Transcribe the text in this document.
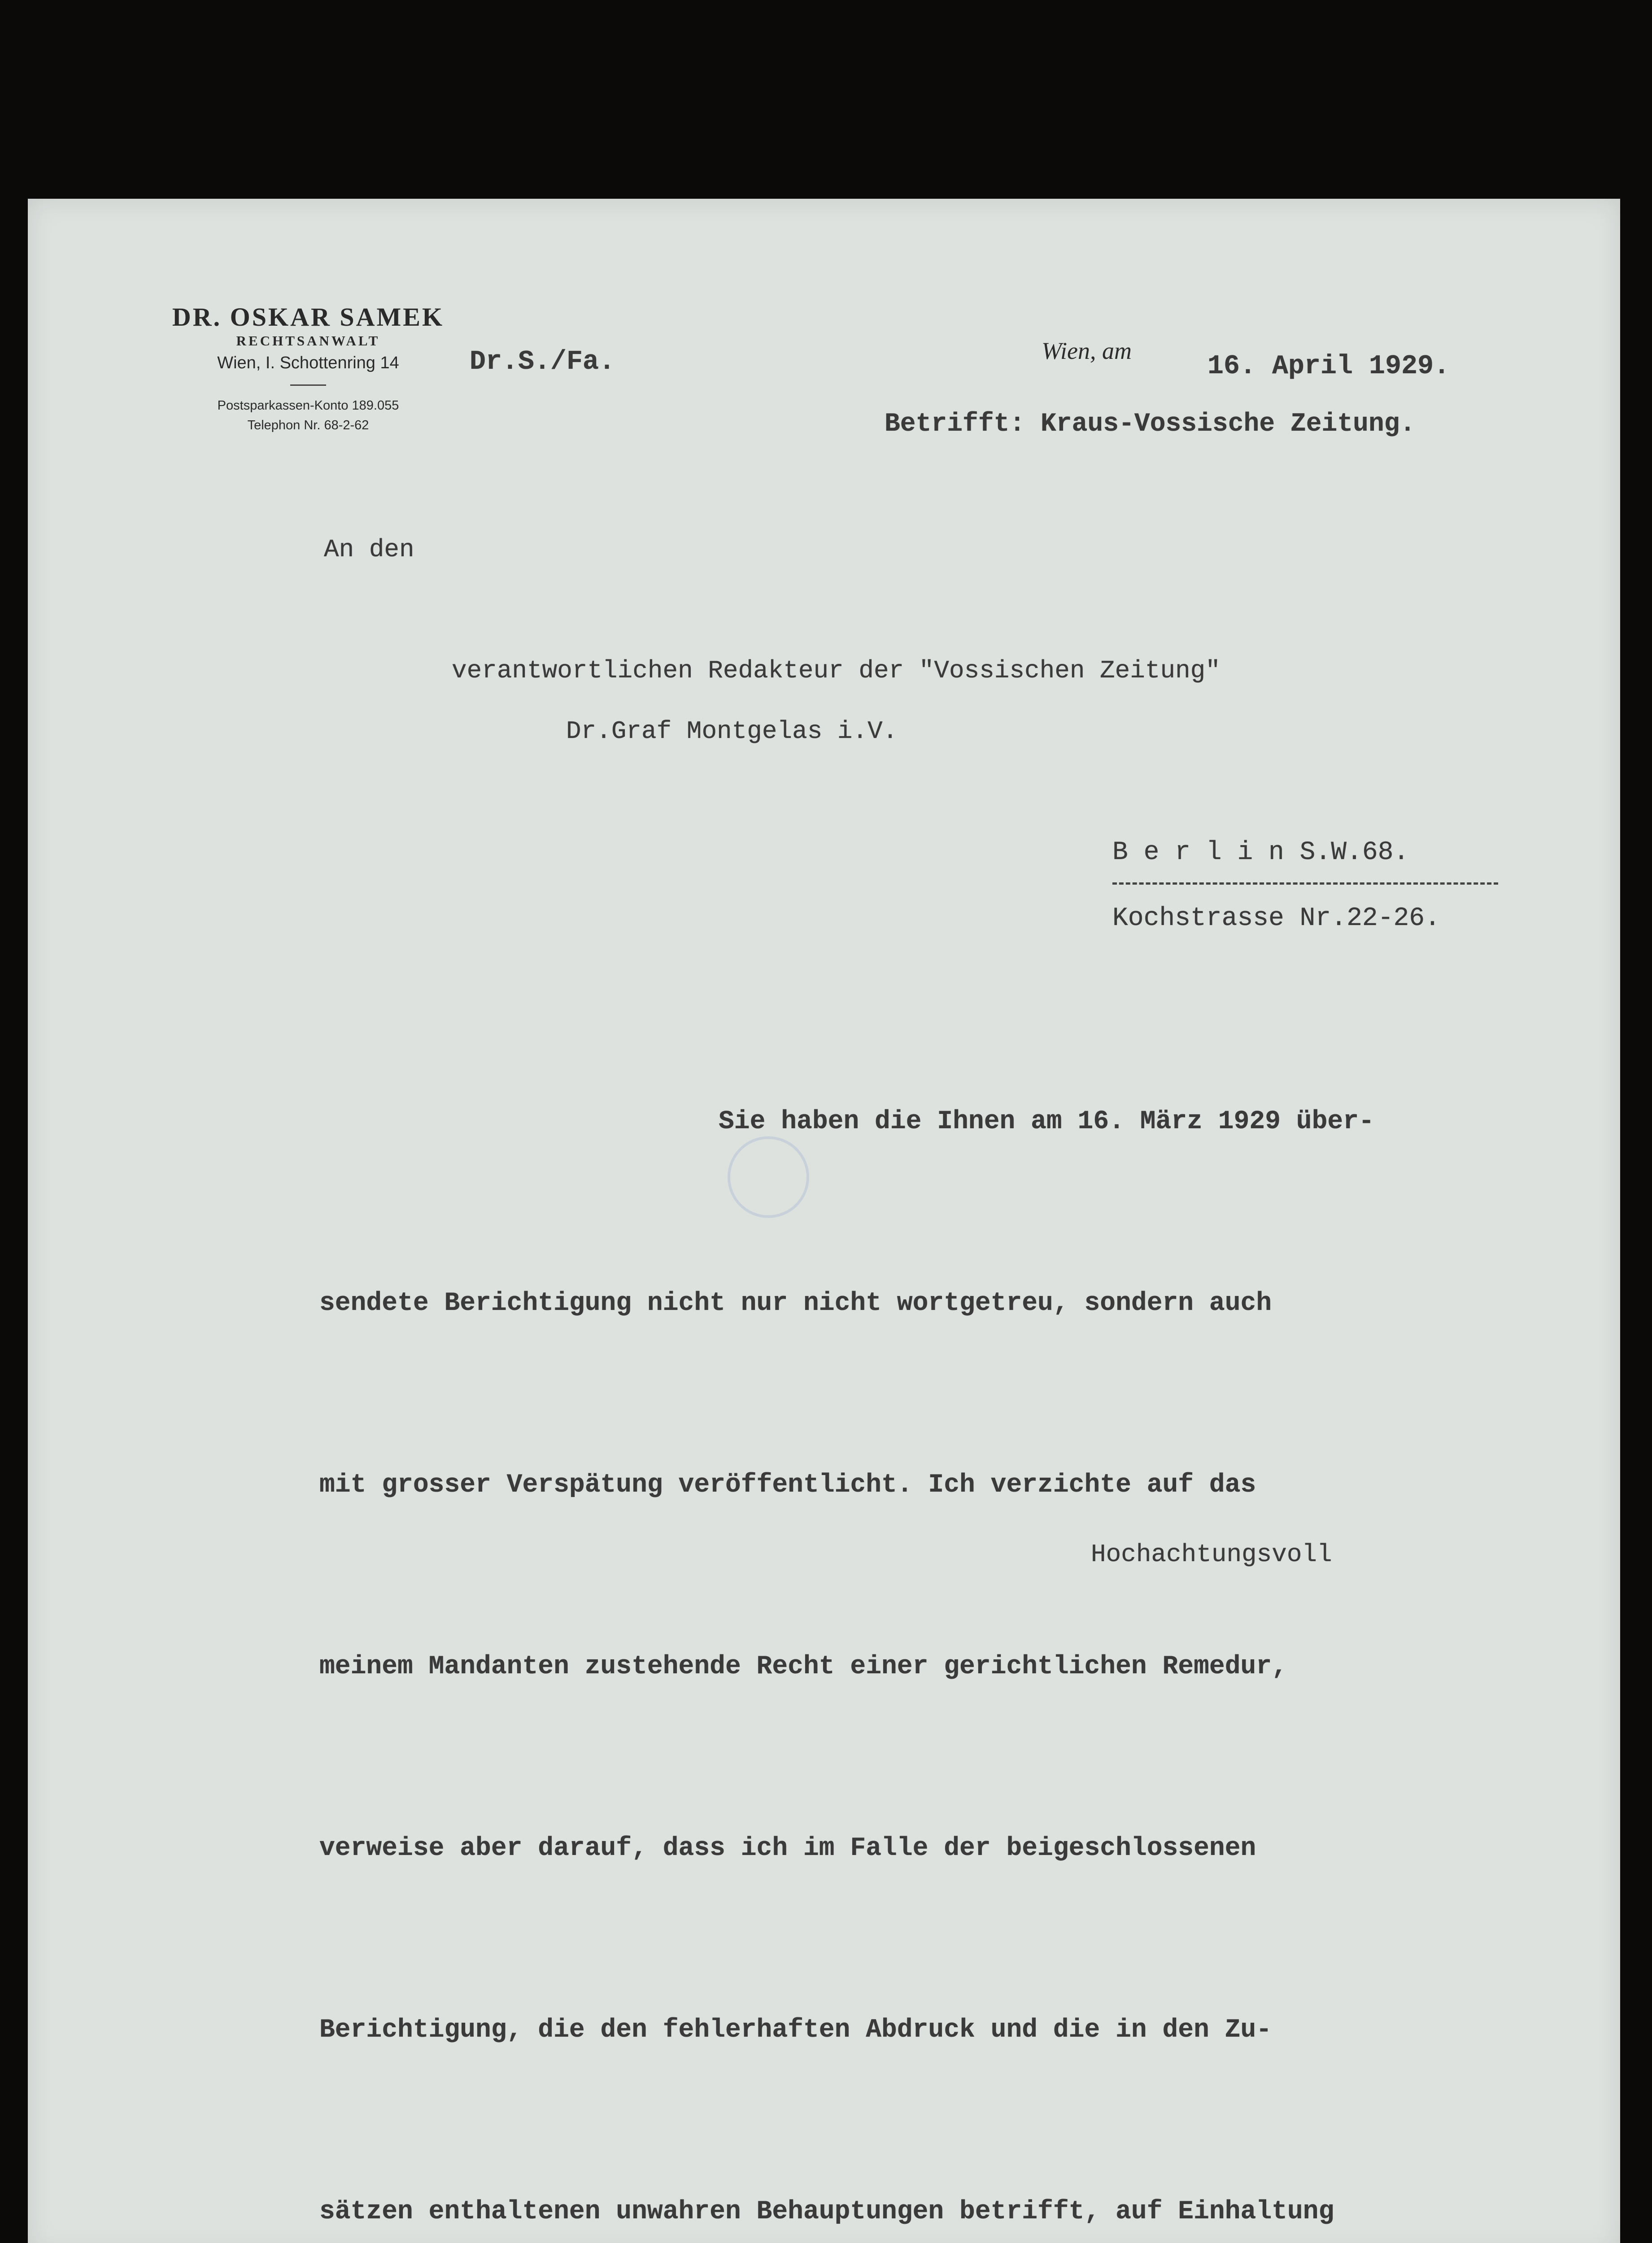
DR. OSKAR SAMEK
RECHTSANWALT
Wien, I. Schottenring 14
Postsparkassen-Konto 189.055
Telephon Nr. 68-2-62
Dr.S./Fa.	Wien, am
16. April 1929.
Betrifft: Kraus-Vossische Zeitung.
An den
verantwortlichen Redakteur der "Vossischen Zeitung"
Dr.Graf Montgelas i.V.
B e r l i n S.W.68.
Kochstrasse Nr.22-26.

Sie haben die Ihnen am 16. März 1929 über-

sendete Berichtigung nicht nur nicht wortgetreu, sondern auch

mit grosser Verspätung veröffentlicht. Ich verzichte auf das

meinem Mandanten zustehende Recht einer gerichtlichen Remedur,

verweise aber darauf, dass ich im Falle der beigeschlossenen

Berichtigung, die den fehlerhaften Abdruck und die in den Zu-

sätzen enthaltenen unwahren Behauptungen betrifft, auf Einhaltung

Hochachtungsvoll
